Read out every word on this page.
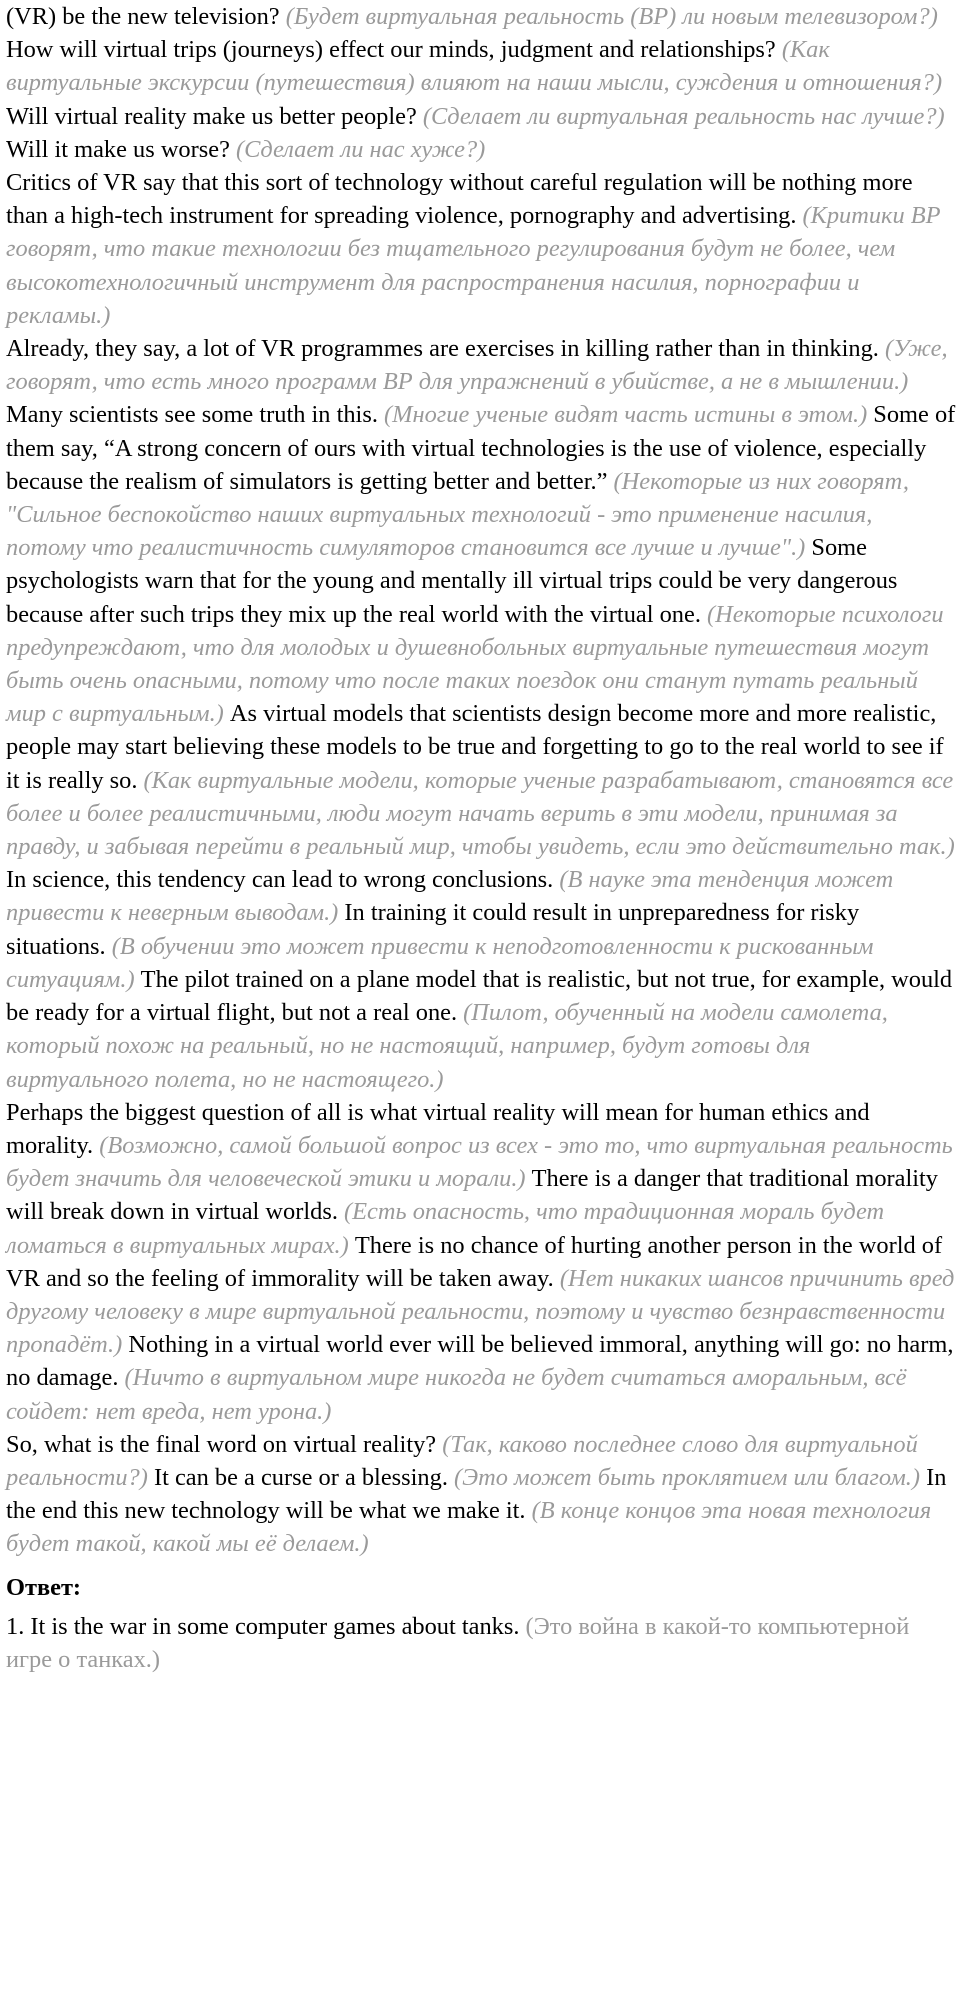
(VR) be the new television? (Будет виртуальная реальность (ВР) ли новым телевизором?) How will virtual trips (journeys) effect our minds, judgment and relationships? (Как виртуальные экскурсии (путешествия) влияют на наши мысли, суждения и отношения?) Will virtual reality make us better people? (Сделает ли виртуальная реальность нас лучше?) Will it make us worse? (Сделает ли нас хуже?)

Critics of VR say that this sort of technology without careful regulation will be nothing more than a high-tech instrument for spreading violence, pornography and advertising. (Критики ВР говорят, что такие технологии без тщательного регулирования будут не более, чем высокотехнологичный инструмент для распространения насилия, порнографии и рекламы.)

Already, they say, a lot of VR programmes are exercises in killing rather than in thinking. (Уже, говорят, что есть много программ ВР для упражнений в убийстве, а не в мышлении.) Many scientists see some truth in this. (Многие ученые видят часть истины в этом.) Some of them say, “A strong concern of ours with virtual technologies is the use of violence, especially because the realism of simulators is getting better and better.” (Некоторые из них говорят, "Сильное беспокойство наших виртуальных технологий - это применение насилия, потому что реалистичность симуляторов становится все лучше и лучше".) Some psychologists warn that for the young and mentally ill virtual trips could be very dangerous because after such trips they mix up the real world with the virtual one. (Некоторые психологи предупреждают, что для молодых и душевнобольных виртуальные путешествия могут быть очень опасными, потому что после таких поездок они станут путать реальный мир с виртуальным.) As virtual models that scientists design become more and more realistic, people may start believing these models to be true and forgetting to go to the real world to see if it is really so. (Как виртуальные модели, которые ученые разрабатывают, становятся все более и более реалистичными, люди могут начать верить в эти модели, принимая за правду, и забывая перейти в реальный мир, чтобы увидеть, если это действительно так.) In science, this tendency can lead to wrong conclusions. (В науке эта тенденция может привести к неверным выводам.) In training it could result in unpreparedness for risky situations. (В обучении это может привести к неподготовленности к рискованным ситуациям.) The pilot trained on a plane model that is realistic, but not true, for example, would be ready for a virtual flight, but not a real one. (Пилот, обученный на модели самолета, который похож на реальный, но не настоящий, например, будут готовы для виртуального полета, но не настоящего.)

Perhaps the biggest question of all is what virtual reality will mean for human ethics and morality. (Возможно, самой большой вопрос из всех - это то, что виртуальная реальность будет значить для человеческой этики и морали.) There is a danger that traditional morality will break down in virtual worlds. (Есть опасность, что традиционная мораль будет ломаться в виртуальных мирах.) There is no chance of hurting another person in the world of VR and so the feeling of immorality will be taken away. (Нет никаких шансов причинить вред другому человеку в мире виртуальной реальности, поэтому и чувство безнравственности пропадёт.) Nothing in a virtual world ever will be believed immoral, anything will go: no harm, no damage. (Ничто в виртуальном мире никогда не будет считаться аморальным, всё сойдет: нет вреда, нет урона.)

So, what is the final word on virtual reality? (Так, каково последнее слово для виртуальной реальности?) It can be a curse or a blessing. (Это может быть проклятием или благом.) In the end this new technology will be what we make it. (В конце концов эта новая технология будет такой, какой мы её делаем.)

Ответ:

1. It is the war in some computer games about tanks. (Это война в какой-то компьютерной игре о танках.)
